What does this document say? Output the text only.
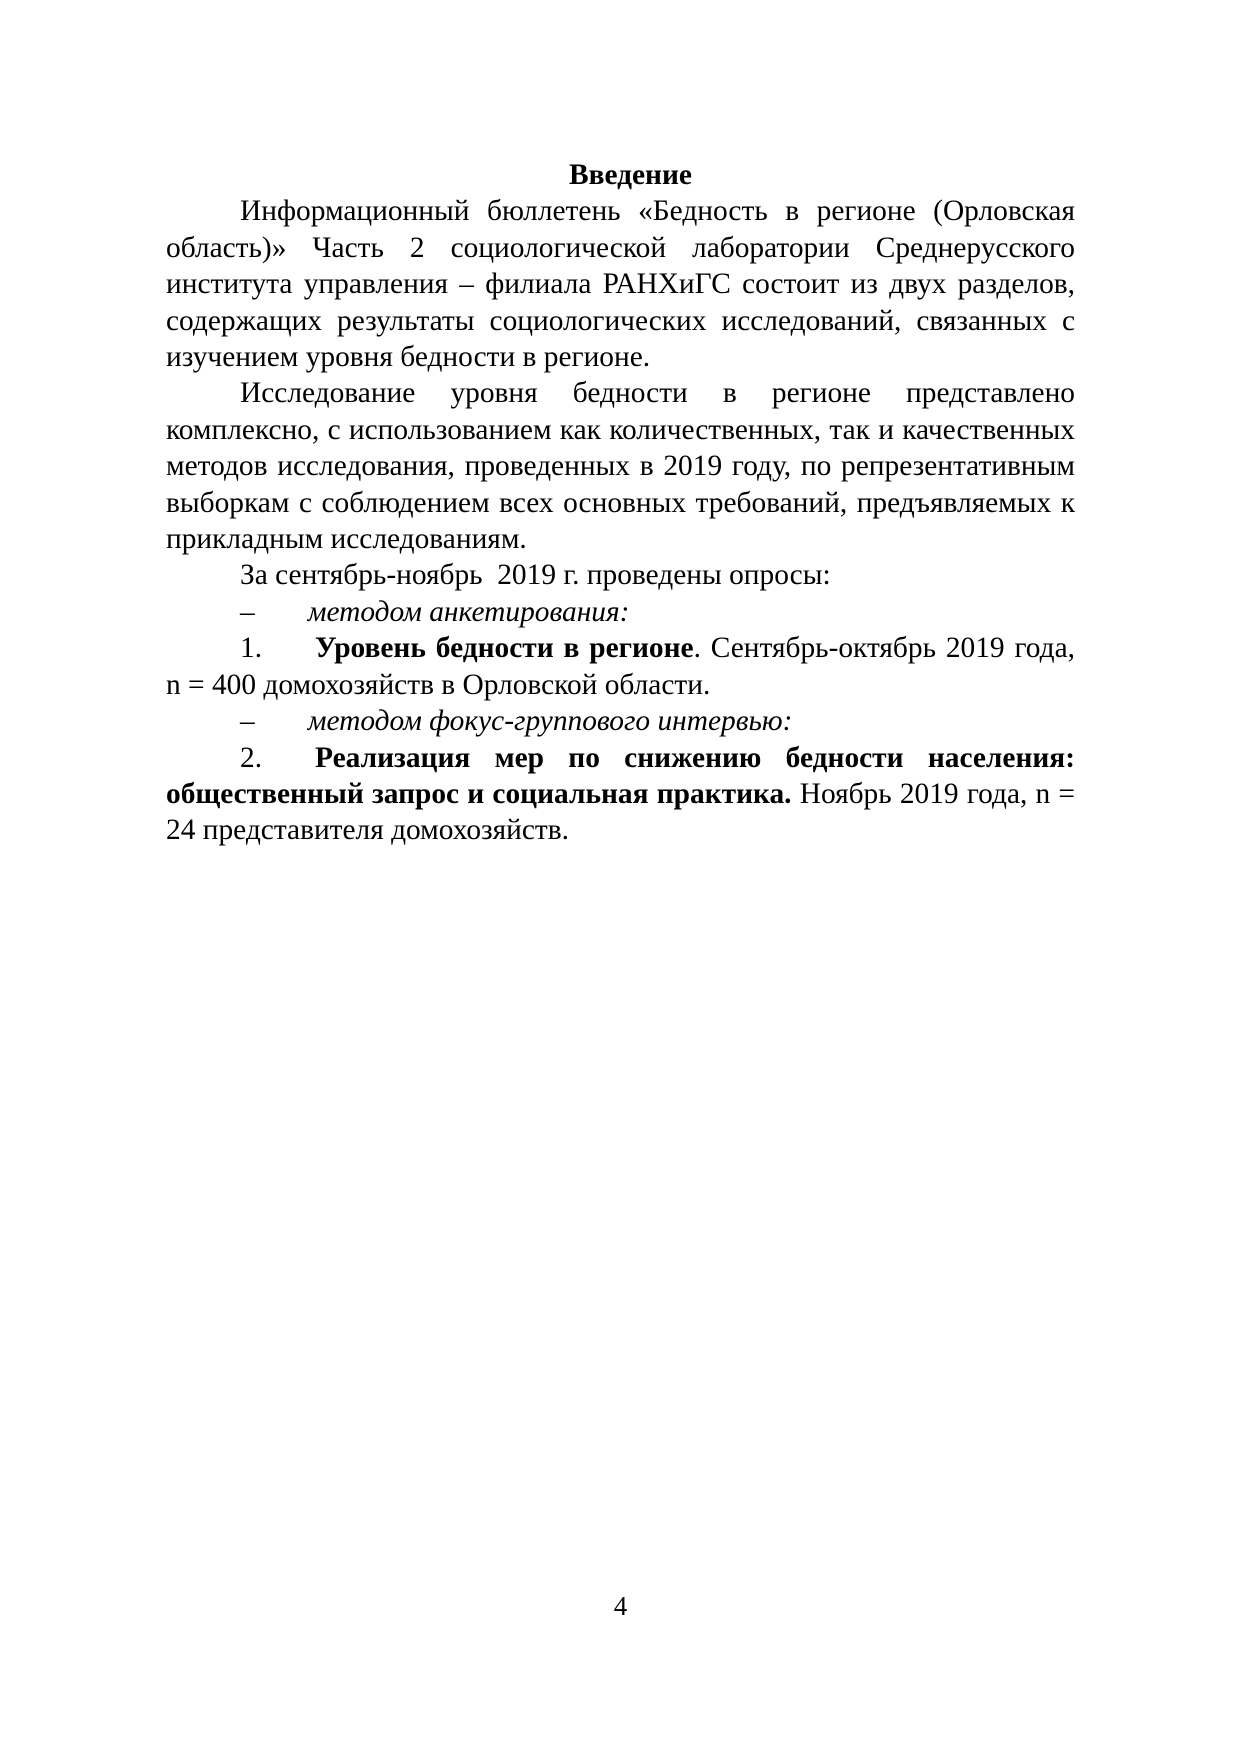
Введение

Информационный бюллетень «Бедность в регионе (Орловская область)» Часть 2 социологической лаборатории Среднерусского института управления – филиала РАНХиГС состоит из двух разделов, содержащих результаты социологических исследований, связанных с изучением уровня бедности в регионе.

Исследование уровня бедности в регионе представлено комплексно, с использованием как количественных, так и качественных методов исследования, проведенных в 2019 году, по репрезентативным выборкам с соблюдением всех основных требований, предъявляемых к прикладным исследованиям.

За сентябрь-ноябрь  2019 г. проведены опросы:

– методом анкетирования:

1. Уровень бедности в регионе. Сентябрь-октябрь 2019 года, n = 400 домохозяйств в Орловской области.

– методом фокус-группового интервью:

2. Реализация мер по снижению бедности населения: общественный запрос и социальная практика. Ноябрь 2019 года, n = 24 представителя домохозяйств.

4
